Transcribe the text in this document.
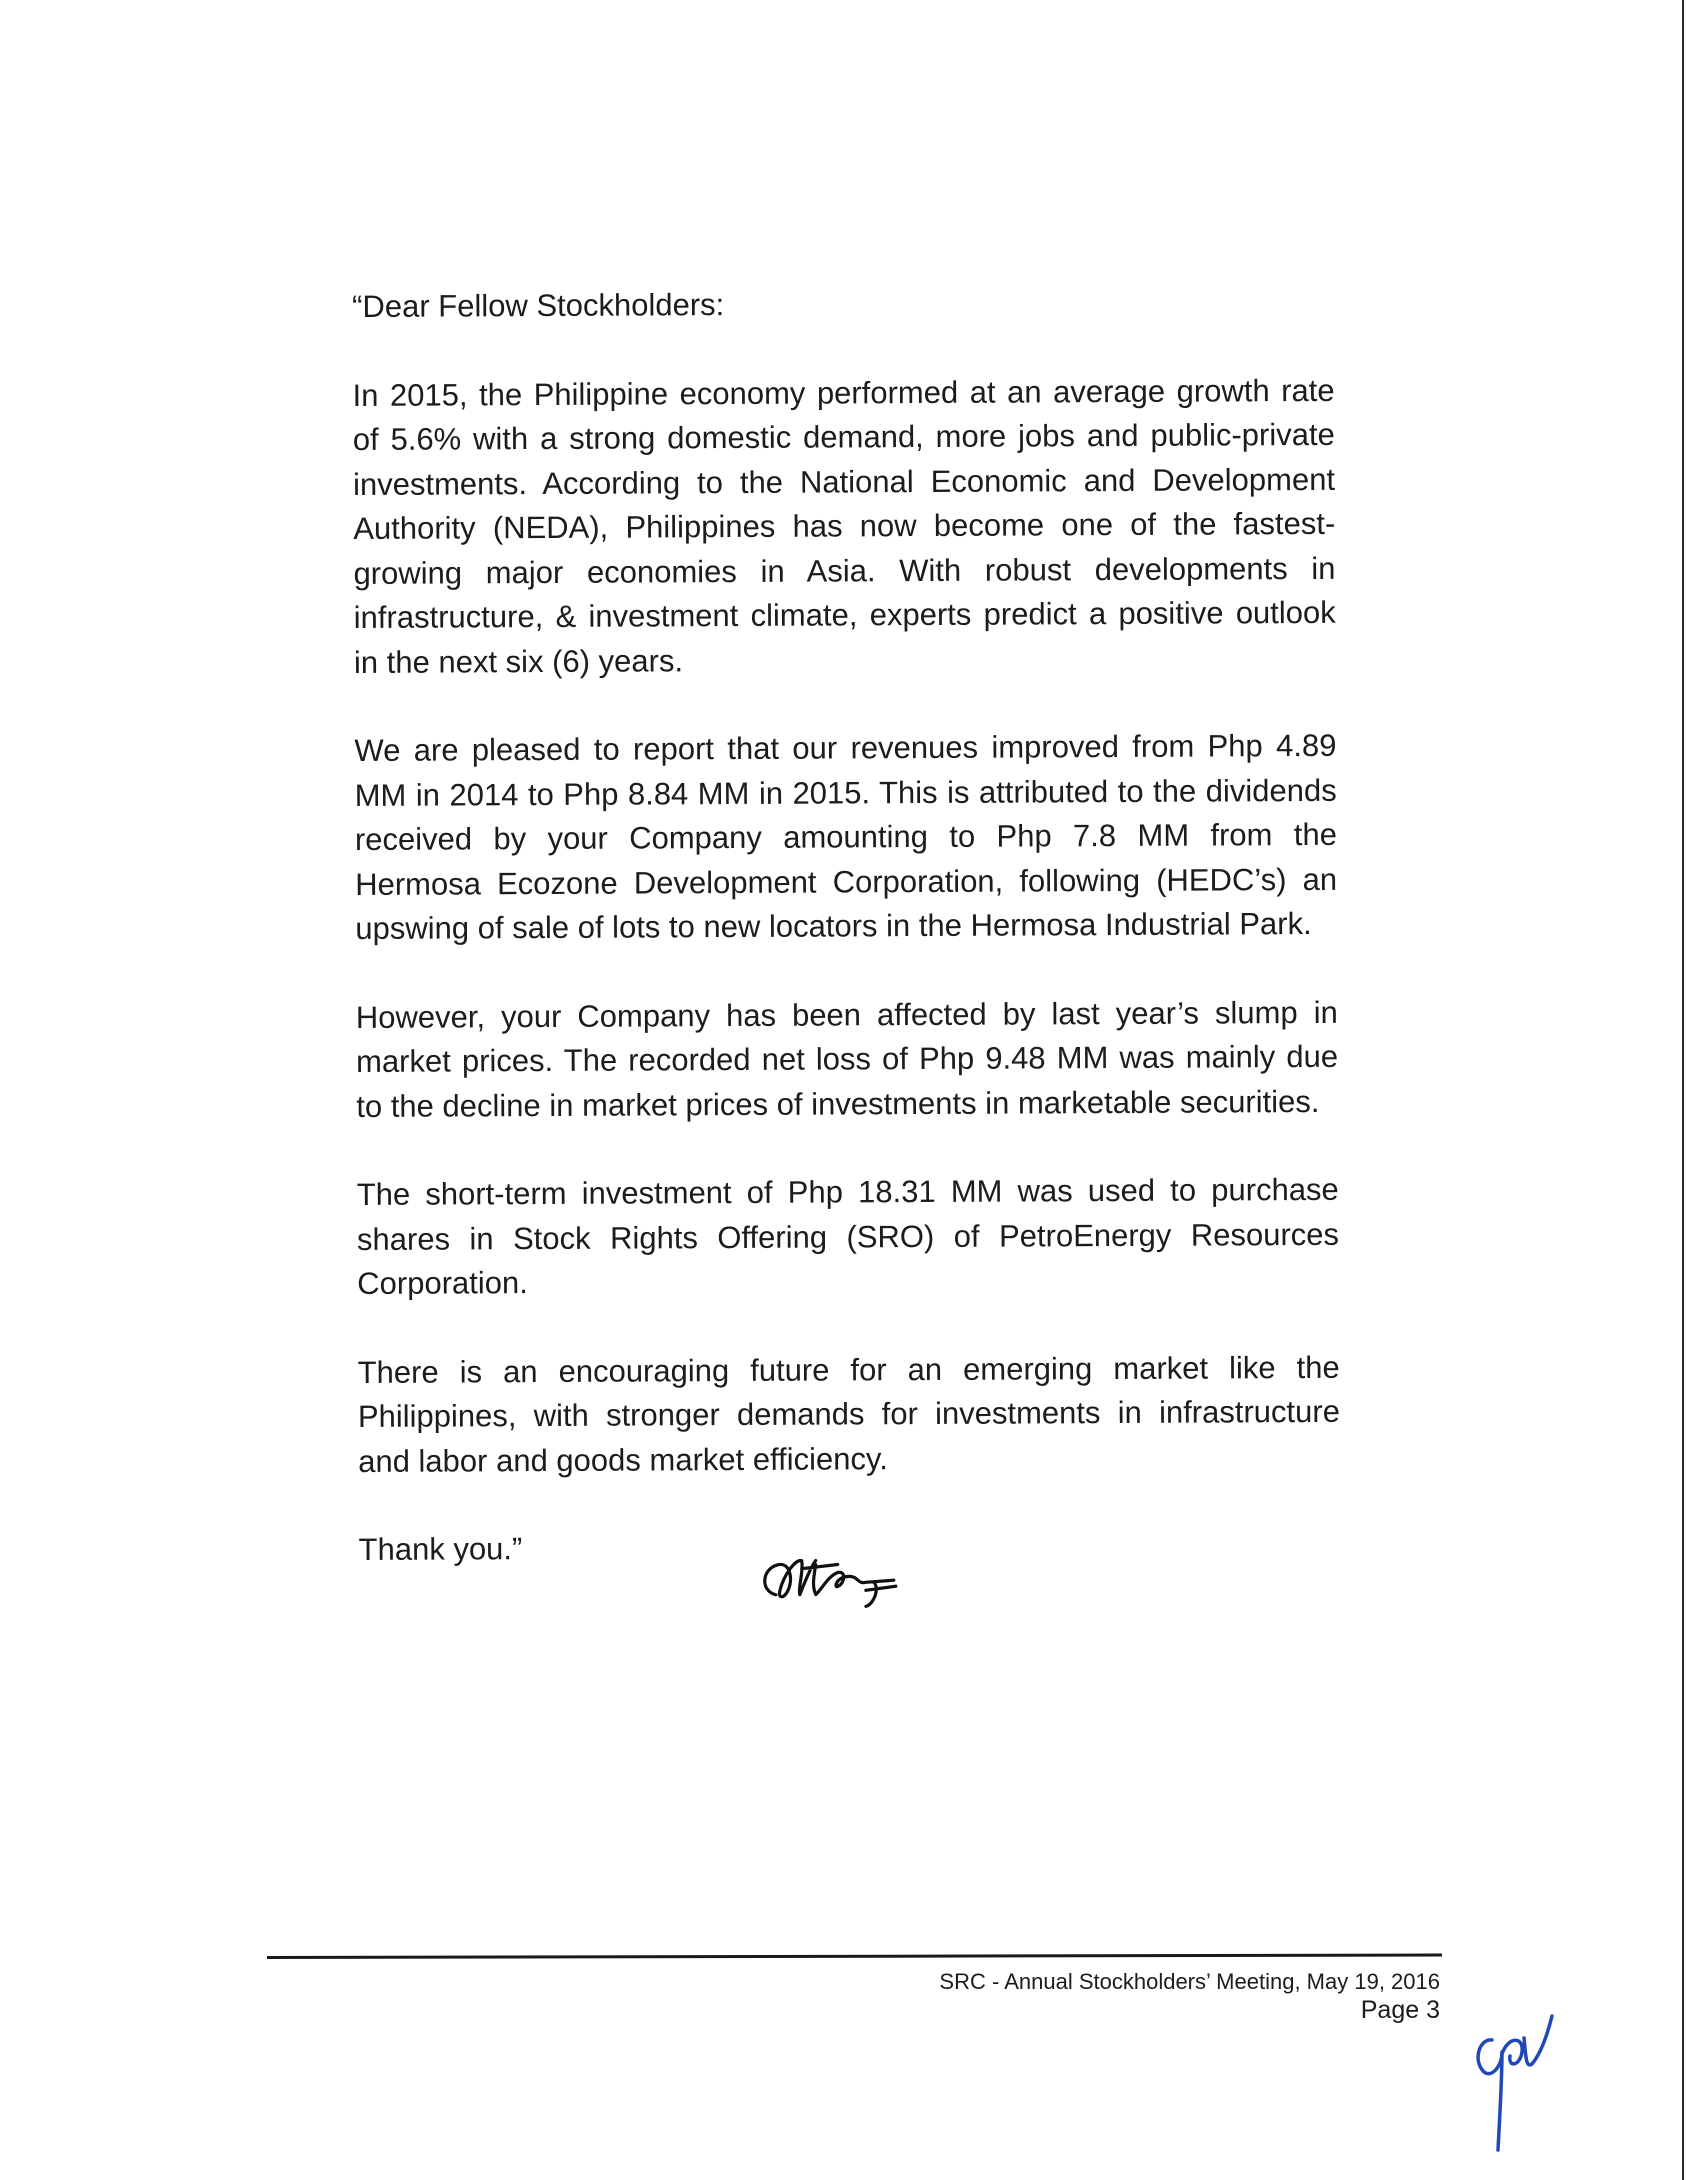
“Dear Fellow Stockholders:

In 2015, the Philippine economy performed at an average growth rate of 5.6% with a strong domestic demand, more jobs and public-private investments. According to the National Economic and Development Authority (NEDA), Philippines has now become one of the fastest-growing major economies in Asia. With robust developments in infrastructure, & investment climate, experts predict a positive outlook in the next six (6) years.

We are pleased to report that our revenues improved from Php 4.89 MM in 2014 to Php 8.84 MM in 2015. This is attributed to the dividends received by your Company amounting to Php 7.8 MM from the Hermosa Ecozone Development Corporation, following (HEDC’s) an upswing of sale of lots to new locators in the Hermosa Industrial Park.

However, your Company has been affected by last year’s slump in market prices. The recorded net loss of Php 9.48 MM was mainly due to the decline in market prices of investments in marketable securities.

The short-term investment of Php 18.31 MM was used to purchase shares in Stock Rights Offering (SRO) of PetroEnergy Resources Corporation.

There is an encouraging future for an emerging market like the Philippines, with stronger demands for investments in infrastructure and labor and goods market efficiency.

Thank you.”
SRC - Annual Stockholders’ Meeting, May 19, 2016
Page 3
